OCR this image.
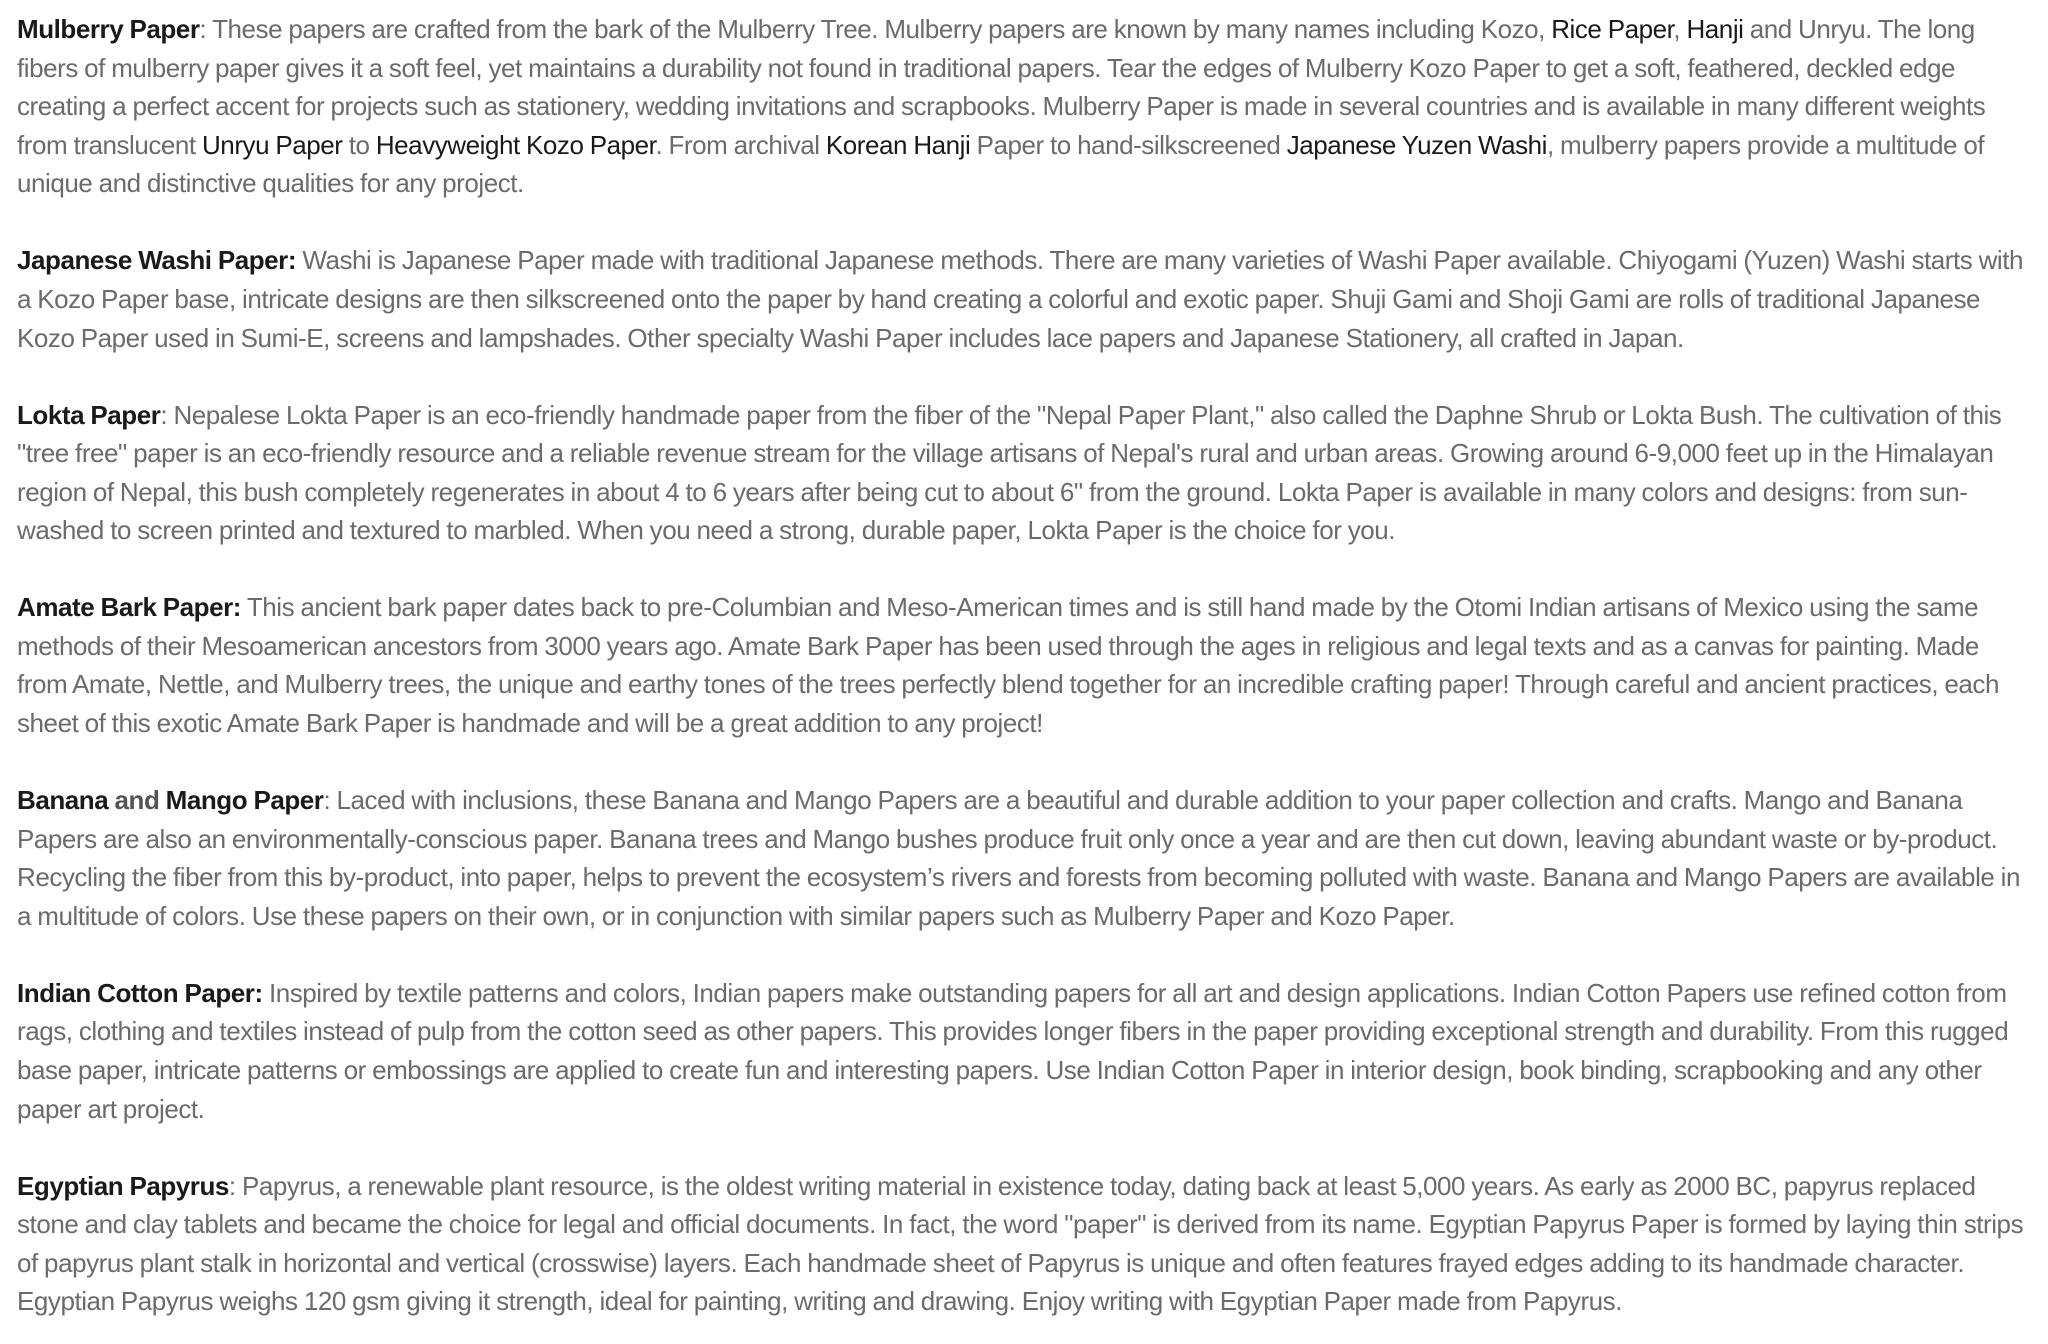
Mulberry Paper: These papers are crafted from the bark of the Mulberry Tree. Mulberry papers are known by many names including Kozo, Rice Paper, Hanji and Unryu. The long fibers of mulberry paper gives it a soft feel, yet maintains a durability not found in traditional papers. Tear the edges of Mulberry Kozo Paper to get a soft, feathered, deckled edge creating a perfect accent for projects such as stationery, wedding invitations and scrapbooks. Mulberry Paper is made in several countries and is available in many different weights from translucent Unryu Paper to Heavyweight Kozo Paper. From archival Korean Hanji Paper to hand-silkscreened Japanese Yuzen Washi, mulberry papers provide a multitude of unique and distinctive qualities for any project.

Japanese Washi Paper: Washi is Japanese Paper made with traditional Japanese methods. There are many varieties of Washi Paper available. Chiyogami (Yuzen) Washi starts with a Kozo Paper base, intricate designs are then silkscreened onto the paper by hand creating a colorful and exotic paper. Shuji Gami and Shoji Gami are rolls of traditional Japanese Kozo Paper used in Sumi-E, screens and lampshades. Other specialty Washi Paper includes lace papers and Japanese Stationery, all crafted in Japan.

Lokta Paper: Nepalese Lokta Paper is an eco-friendly handmade paper from the fiber of the "Nepal Paper Plant," also called the Daphne Shrub or Lokta Bush. The cultivation of this "tree free" paper is an eco-friendly resource and a reliable revenue stream for the village artisans of Nepal's rural and urban areas. Growing around 6-9,000 feet up in the Himalayan region of Nepal, this bush completely regenerates in about 4 to 6 years after being cut to about 6" from the ground. Lokta Paper is available in many colors and designs: from sun-washed to screen printed and textured to marbled. When you need a strong, durable paper, Lokta Paper is the choice for you.

Amate Bark Paper: This ancient bark paper dates back to pre-Columbian and Meso-American times and is still hand made by the Otomi Indian artisans of Mexico using the same methods of their Mesoamerican ancestors from 3000 years ago. Amate Bark Paper has been used through the ages in religious and legal texts and as a canvas for painting. Made from Amate, Nettle, and Mulberry trees, the unique and earthy tones of the trees perfectly blend together for an incredible crafting paper! Through careful and ancient practices, each sheet of this exotic Amate Bark Paper is handmade and will be a great addition to any project!

Banana and Mango Paper: Laced with inclusions, these Banana and Mango Papers are a beautiful and durable addition to your paper collection and crafts. Mango and Banana Papers are also an environmentally-conscious paper. Banana trees and Mango bushes produce fruit only once a year and are then cut down, leaving abundant waste or by-product. Recycling the fiber from this by-product, into paper, helps to prevent the ecosystem’s rivers and forests from becoming polluted with waste. Banana and Mango Papers are available in a multitude of colors. Use these papers on their own, or in conjunction with similar papers such as Mulberry Paper and Kozo Paper.

Indian Cotton Paper: Inspired by textile patterns and colors, Indian papers make outstanding papers for all art and design applications. Indian Cotton Papers use refined cotton from rags, clothing and textiles instead of pulp from the cotton seed as other papers. This provides longer fibers in the paper providing exceptional strength and durability. From this rugged base paper, intricate patterns or embossings are applied to create fun and interesting papers. Use Indian Cotton Paper in interior design, book binding, scrapbooking and any other paper art project.

Egyptian Papyrus: Papyrus, a renewable plant resource, is the oldest writing material in existence today, dating back at least 5,000 years. As early as 2000 BC, papyrus replaced stone and clay tablets and became the choice for legal and official documents. In fact, the word "paper" is derived from its name. Egyptian Papyrus Paper is formed by laying thin strips of papyrus plant stalk in horizontal and vertical (crosswise) layers. Each handmade sheet of Papyrus is unique and often features frayed edges adding to its handmade character. Egyptian Papyrus weighs 120 gsm giving it strength, ideal for painting, writing and drawing. Enjoy writing with Egyptian Paper made from Papyrus.
